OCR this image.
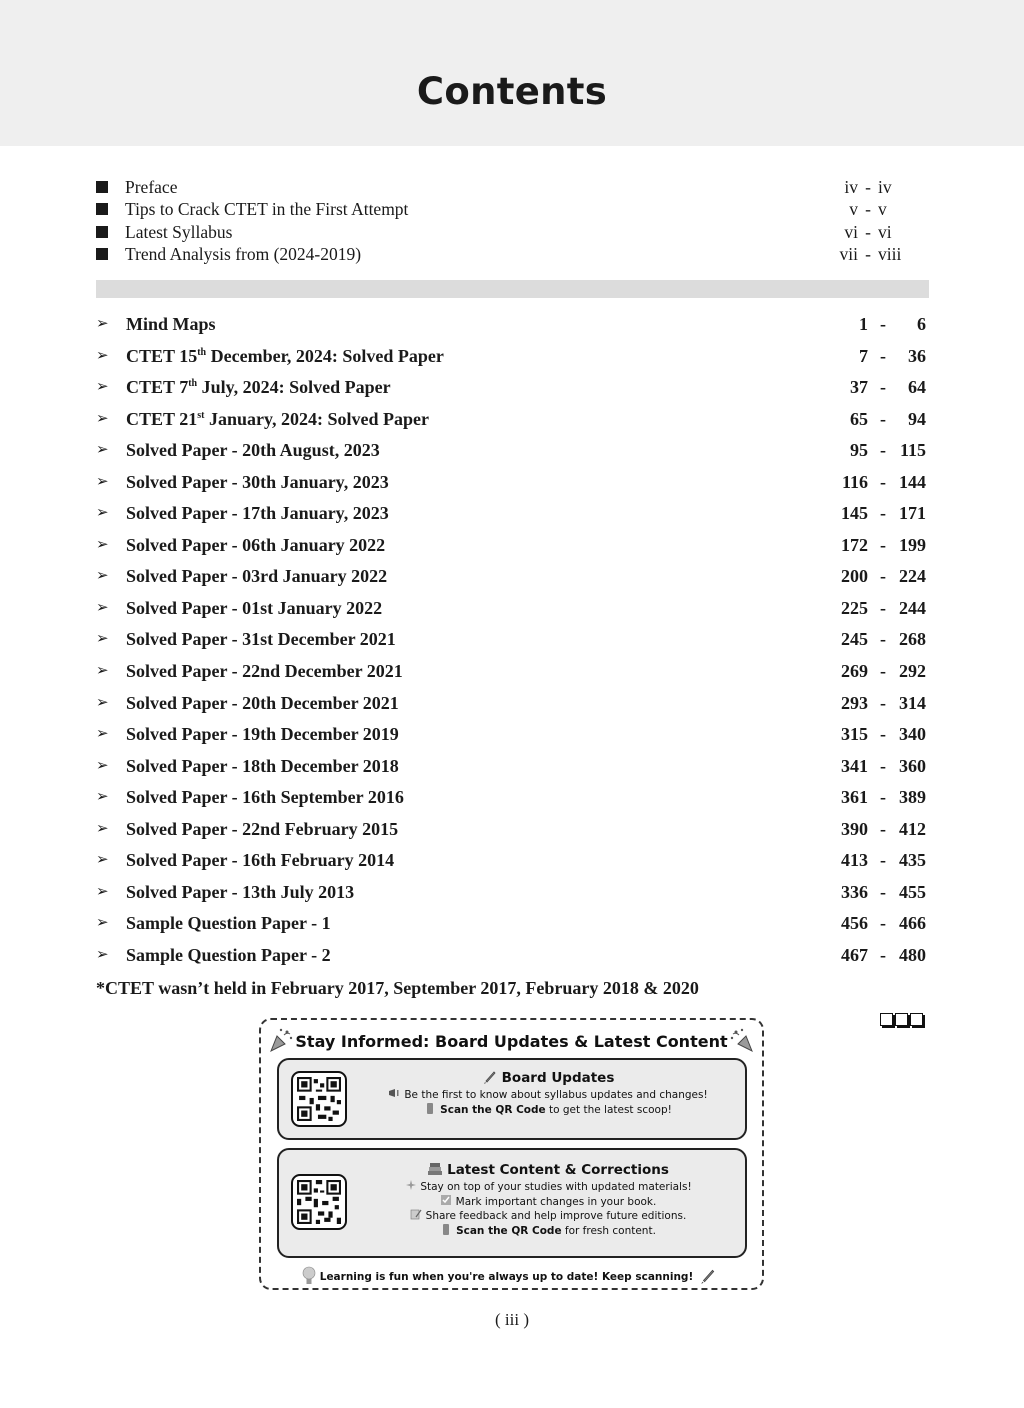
Contents
Preface	iv - iv
Tips to Crack CTET in the First Attempt	v - v
Latest Syllabus	vi - vi
Trend Analysis from (2024-2019)	vii - viii
➢ Mind Maps	1 - 6
➢ CTET 15th December, 2024: Solved Paper	7 - 36
➢ CTET 7th July, 2024: Solved Paper	37 - 64
➢ CTET 21st January, 2024: Solved Paper	65 - 94
➢ Solved Paper - 20th August, 2023	95 - 115
➢ Solved Paper - 30th January, 2023	116 - 144
➢ Solved Paper - 17th January, 2023	145 - 171
➢ Solved Paper - 06th January 2022	172 - 199
➢ Solved Paper - 03rd January 2022	200 - 224
➢ Solved Paper - 01st January 2022	225 - 244
➢ Solved Paper - 31st December 2021	245 - 268
➢ Solved Paper - 22nd December 2021	269 - 292
➢ Solved Paper - 20th December 2021	293 - 314
➢ Solved Paper - 19th December 2019	315 - 340
➢ Solved Paper - 18th December 2018	341 - 360
➢ Solved Paper - 16th September 2016	361 - 389
➢ Solved Paper - 22nd February 2015	390 - 412
➢ Solved Paper - 16th February 2014	413 - 435
➢ Solved Paper - 13th July 2013	336 - 455
➢ Sample Question Paper - 1	456 - 466
➢ Sample Question Paper - 2	467 - 480
*CTET wasn’t held in February 2017, September 2017, February 2018 & 2020
Stay Informed: Board Updates & Latest Content
Board Updates
Be the first to know about syllabus updates and changes!
Scan the QR Code to get the latest scoop!
Latest Content & Corrections
Stay on top of your studies with updated materials!
Mark important changes in your book.
Share feedback and help improve future editions.
Scan the QR Code for fresh content.
Learning is fun when you're always up to date! Keep scanning!
( iii )
